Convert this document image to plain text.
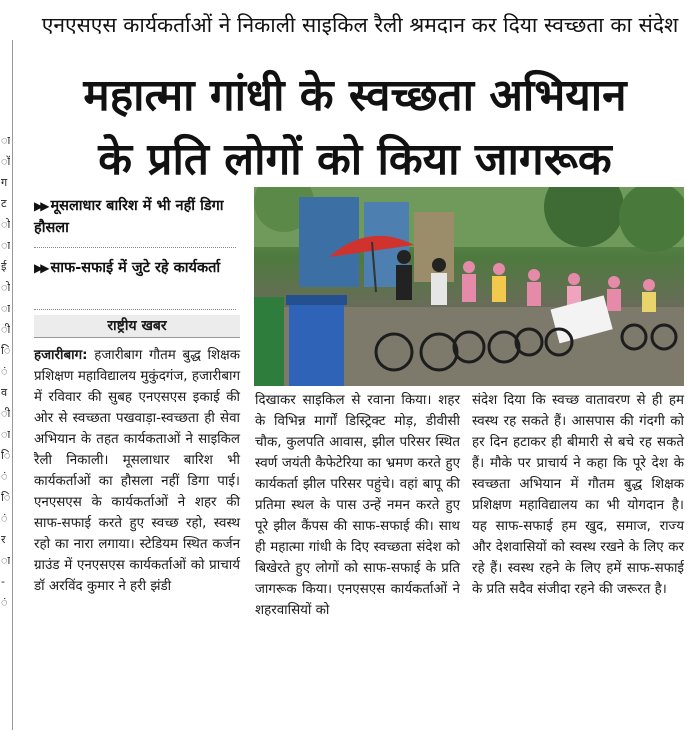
ा
ॉ
ग
ट
ो
ा
ई
ो
ा
ी
ि
ं
व
ी
ा
ि
ं
ि
ं
र
ा
-
ं
एनएसएस कार्यकर्ताओं ने निकाली साइकिल रैली श्रमदान कर दिया स्वच्छता का संदेश
महात्मा गांधी के स्वच्छता अभियान
के प्रति लोगों को किया जागरूक
▶▶ मूसलाधार बारिश में भी नहीं डिगा हौसला
▶▶ साफ-सफाई में जुटे रहे कार्यकर्ता
राष्ट्रीय खबर
हजारीबाग: हजारीबाग गौतम बुद्ध शिक्षक प्रशिक्षण महाविद्यालय मुकुंदगंज, हजारीबाग में रविवार की सुबह एनएसएस इकाई की ओर से स्वच्छता पखवाड़ा-स्वच्छता ही सेवा अभियान के तहत कार्यकताओं ने साइकिल रैली निकाली। मूसलाधार बारिश भी कार्यकर्ताओं का हौसला नहीं डिगा पाई। एनएसएस के कार्यकर्ताओं ने शहर की साफ-सफाई करते हुए स्वच्छ रहो, स्वस्थ रहो का नारा लगाया। स्टेडियम स्थित कर्जन ग्राउंड में एनएसएस कार्यकर्ताओं को प्राचार्य डॉ अरविंद कुमार ने हरी झंडी
दिखाकर साइकिल से रवाना किया। शहर के विभिन्न मार्गों डिस्ट्रिक्ट मोड़, डीवीसी चौक, कुलपति आवास, झील परिसर स्थित स्वर्ण जयंती कैफेटेरिया का भ्रमण करते हुए कार्यकर्ता झील परिसर पहुंचे। वहां बापू की प्रतिमा स्थल के पास उन्हें नमन करते हुए पूरे झील कैंपस की साफ-सफाई की। साथ ही महात्मा गांधी के दिए स्वच्छता संदेश को बिखेरते हुए लोगों को साफ-सफाई के प्रति जागरूक किया। एनएसएस कार्यकर्ताओं ने शहरवासियों को
संदेश दिया कि स्वच्छ वातावरण से ही हम स्वस्थ रह सकते हैं। आसपास की गंदगी को हर दिन हटाकर ही बीमारी से बचे रह सकते हैं। मौके पर प्राचार्य ने कहा कि पूरे देश के स्वच्छता अभियान में गौतम बुद्ध शिक्षक प्रशिक्षण महाविद्यालय का भी योगदान है। यह साफ-सफाई हम खुद, समाज, राज्य और देशवासियों को स्वस्थ रखने के लिए कर रहे हैं। स्वस्थ रहने के लिए हमें साफ-सफाई के प्रति सदैव संजीदा रहने की जरूरत है।
